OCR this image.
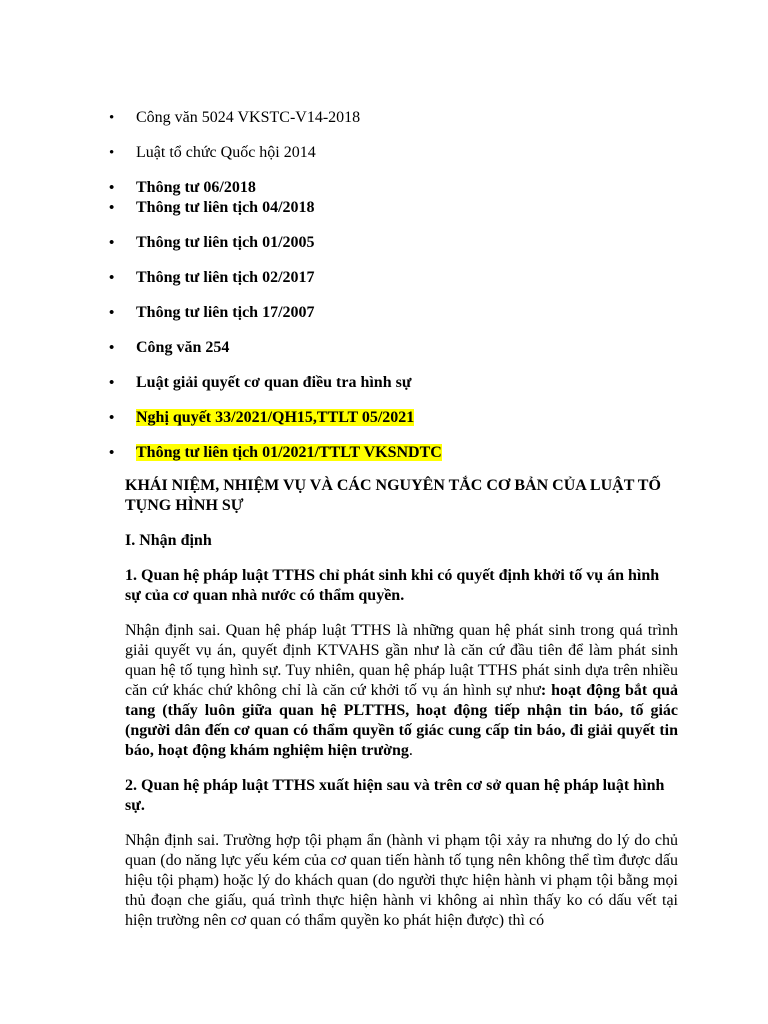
• Công văn 5024 VKSTC-V14-2018
• Luật tổ chức Quốc hội 2014
• Thông tư 06/2018
• Thông tư liên tịch 04/2018
• Thông tư liên tịch 01/2005
• Thông tư liên tịch 02/2017
• Thông tư liên tịch 17/2007
• Công văn 254
• Luật giải quyết cơ quan điều tra hình sự
• Nghị quyết 33/2021/QH15,TTLT 05/2021
• Thông tư liên tịch 01/2021/TTLT VKSNDTC

KHÁI NIỆM, NHIỆM VỤ VÀ CÁC NGUYÊN TẮC CƠ BẢN CỦA LUẬT TỐ TỤNG HÌNH SỰ

I. Nhận định

1. Quan hệ pháp luật TTHS chỉ phát sinh khi có quyết định khởi tố vụ án hình sự của cơ quan nhà nước có thẩm quyền.

Nhận định sai. Quan hệ pháp luật TTHS là những quan hệ phát sinh trong quá trình giải quyết vụ án, quyết định KTVAHS gần như là căn cứ đầu tiên để làm phát sinh quan hệ tố tụng hình sự. Tuy nhiên, quan hệ pháp luật TTHS phát sinh dựa trên nhiều căn cứ khác chứ không chỉ là căn cứ khởi tố vụ án hình sự như: hoạt động bắt quả tang (thấy luôn giữa quan hệ PLTTHS, hoạt động tiếp nhận tin báo, tố giác (người dân đến cơ quan có thẩm quyền tố giác cung cấp tin báo, đi giải quyết tin báo, hoạt động khám nghiệm hiện trường.

2. Quan hệ pháp luật TTHS xuất hiện sau và trên cơ sở quan hệ pháp luật hình sự.

Nhận định sai. Trường hợp tội phạm ẩn (hành vi phạm tội xảy ra nhưng do lý do chủ quan (do năng lực yếu kém của cơ quan tiến hành tố tụng nên không thể tìm được dấu hiệu tội phạm) hoặc lý do khách quan (do người thực hiện hành vi phạm tội bằng mọi thủ đoạn che giấu, quá trình thực hiện hành vi không ai nhìn thấy ko có dấu vết tại hiện trường nên cơ quan có thẩm quyền ko phát hiện được) thì có
